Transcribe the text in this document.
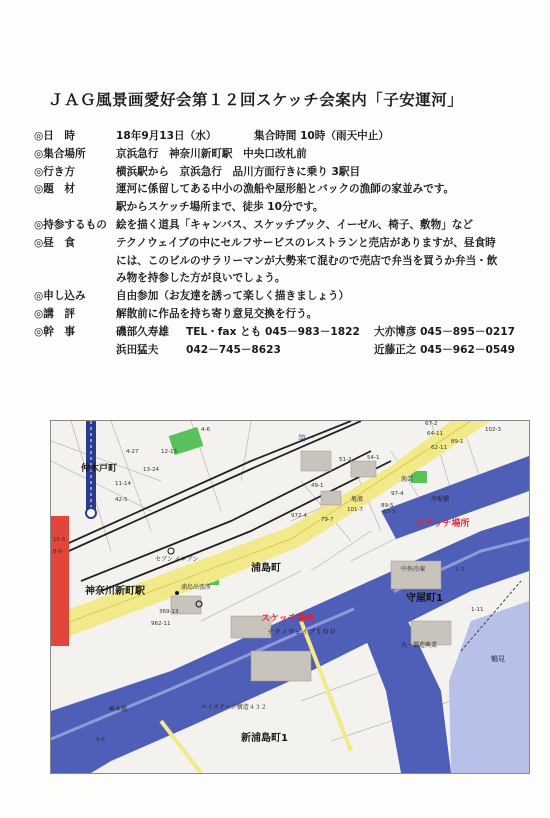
ＪＡＧ風景画愛好会第１２回スケッチ会案内「子安運河」
◎日　時	18年9月13日（水）	集合時間 10時（雨天中止）
◎集合場所	京浜急行　神奈川新町駅　中央口改札前
◎行き方	横浜駅から　京浜急行　品川方面行きに乗り 3駅目
◎題　材	運河に係留してある中小の漁船や屋形船とバックの漁師の家並みです。
駅からスケッチ場所まで、徒歩 10分です。
◎持参するもの 絵を描く道具「キャンバス、スケッチブック、イーゼル、椅子、敷物」など
◎昼　食	テクノウェイブの中にセルフサービスのレストランと売店がありますが、昼食時
には、このビルのサラリーマンが大勢来て混むので売店で弁当を買うか弁当・飲
み物を持参した方が良いでしょう。
◎申し込み	自由参加（お友達を誘って楽しく描きましょう）
◎講　評	解散前に作品を持ち寄り意見交換を行う。
◎幹　事	磯部久寿雄 TEL・fax とも 045－983－1822 大亦博彦 045－895－0217
浜田猛夫	042－745－8623	近藤正之 045－962－0549
神奈川新町駅
スケッチ場所
スケッチ場所
浦島町
守屋町1
新浦島町1
仲木戸町
テクノウェイブ１００
セブン イレブン
浦島出張所
ベイステージ構造４３２
丸一製造興業
中外冷凍
岸堤橋
崎木橋
第一
漁業
亀濱
鶴見
4-6
4-27	12-13
13-24
42-5
11-14
15-6
8-6
8-6
51-2	54-1
49-1
972-4
79-7
101-7
89-5
97-4
62-11
64-11
67-2
102-3
89-1
369-13
962-11
83-5
1-11
1-3
